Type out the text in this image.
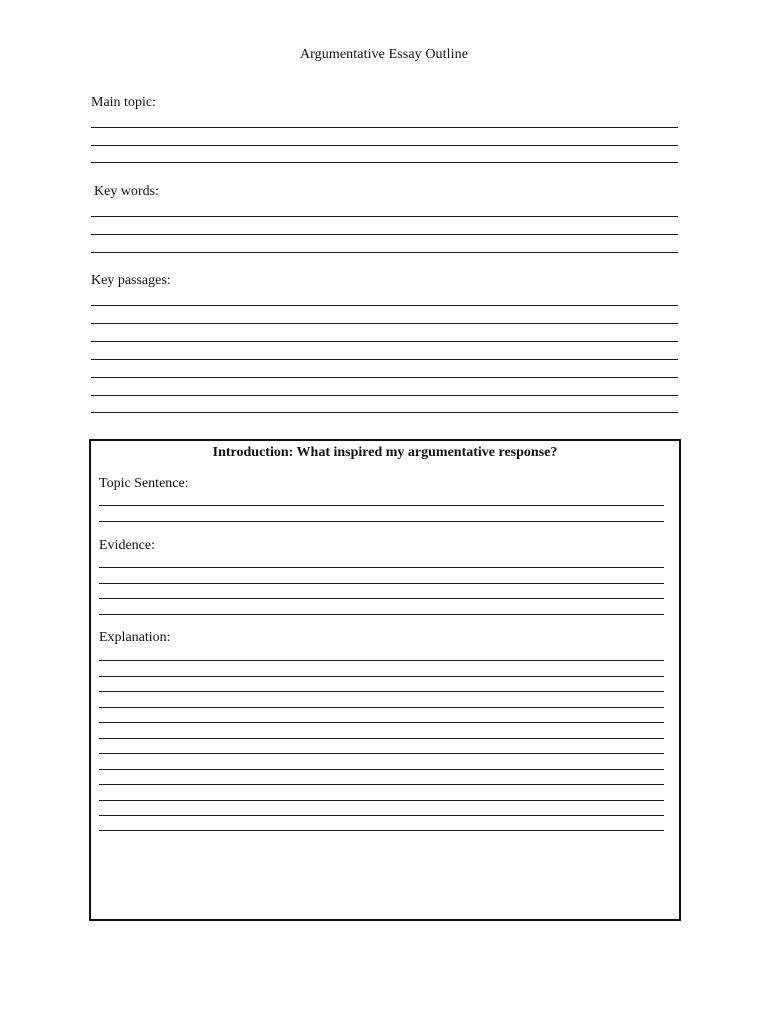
Argumentative Essay Outline
Main topic:
Key words:
Key passages:
Introduction: What inspired my argumentative response?
Topic Sentence:
Evidence:
Explanation:
